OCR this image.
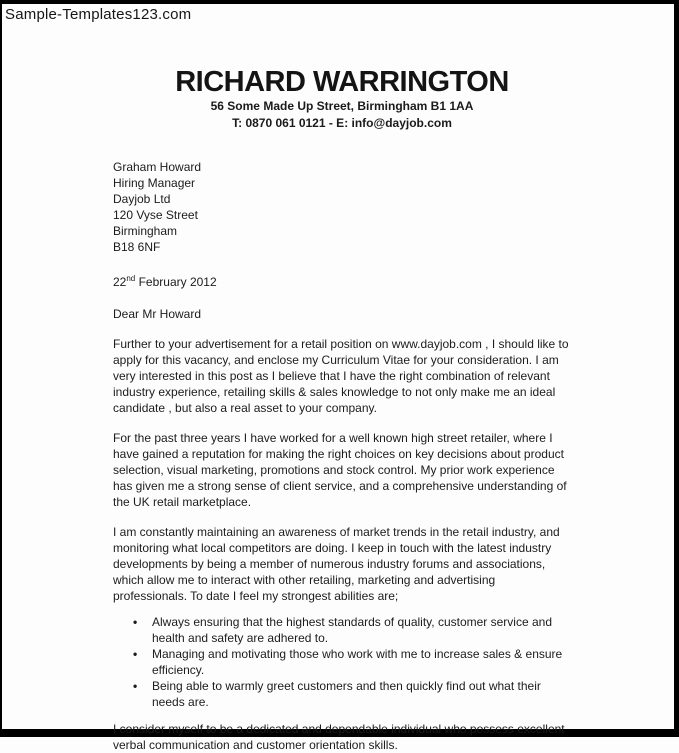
Sample-Templates123.com
RICHARD WARRINGTON
56 Some Made Up Street, Birmingham B1 1AA
T: 0870 061 0121 - E: info@dayjob.com
Graham Howard
Hiring Manager
Dayjob Ltd
120 Vyse Street
Birmingham
B18 6NF
22nd February 2012
Dear Mr Howard

Further to your advertisement for a retail position on www.dayjob.com , I should like to apply for this vacancy, and enclose my Curriculum Vitae for your consideration. I am very interested in this post as I believe that I have the right combination of relevant industry experience, retailing skills & sales knowledge to not only make me an ideal candidate , but also a real asset to your company.

For the past three years I have worked for a well known high street retailer, where I have gained a reputation for making the right choices on key decisions about product selection, visual marketing, promotions and stock control. My prior work experience has given me a strong sense of client service, and a comprehensive understanding of the UK retail marketplace.

I am constantly maintaining an awareness of market trends in the retail industry, and monitoring what local competitors are doing. I keep in touch with the latest industry developments by being a member of numerous industry forums and associations, which allow me to interact with other retailing, marketing and advertising professionals. To date I feel my strongest abilities are;

•	Always ensuring that the highest standards of quality, customer service and health and safety are adhered to.
•	Managing and motivating those who work with me to increase sales & ensure efficiency.
•	Being able to warmly greet customers and then quickly find out what their needs are.

I consider myself to be a dedicated and dependable individual who possess excellent verbal communication and customer orientation skills.
